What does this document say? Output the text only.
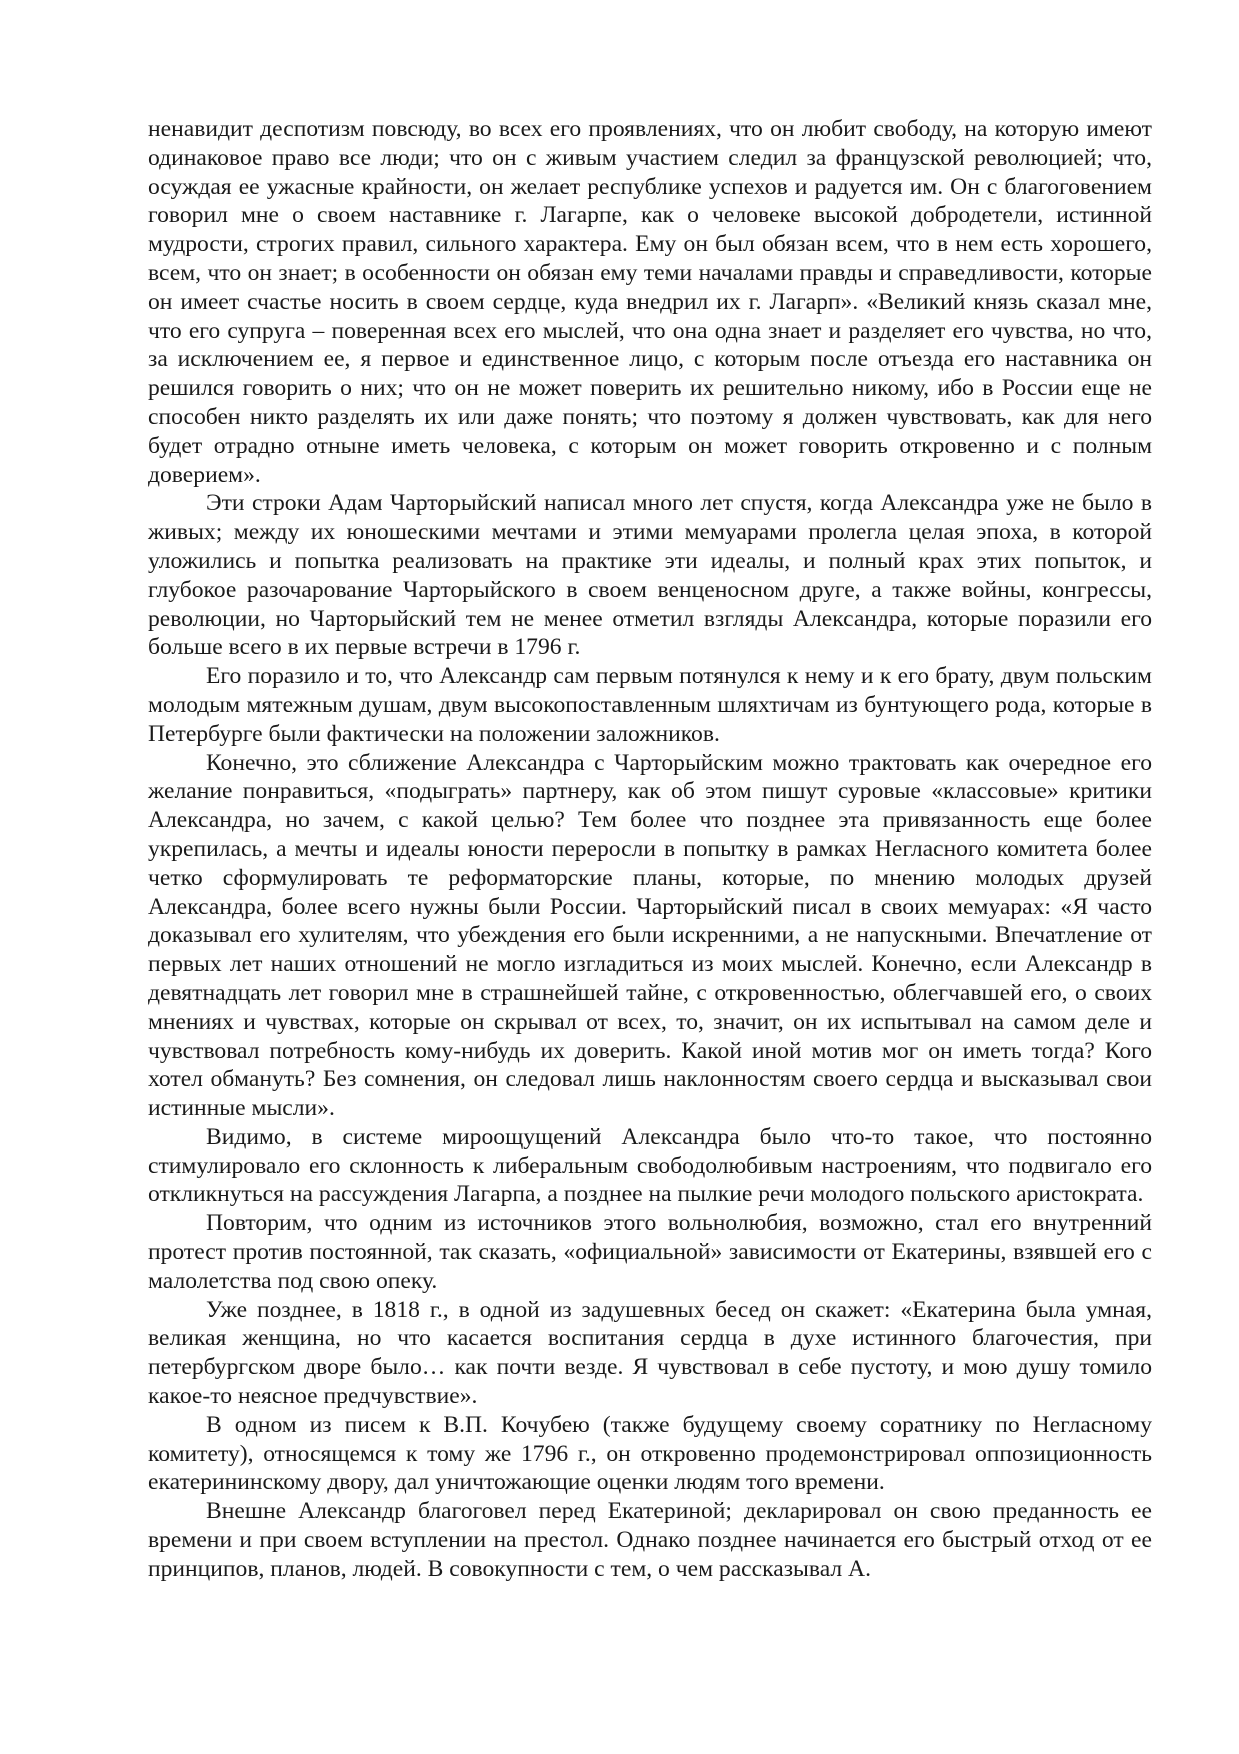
ненавидит деспотизм повсюду, во всех его проявлениях, что он любит свободу, на которую имеют одинаковое право все люди; что он с живым участием следил за французской революцией; что, осуждая ее ужасные крайности, он желает республике успехов и радуется им. Он с благоговением говорил мне о своем наставнике г. Лагарпе, как о человеке высокой добродетели, истинной мудрости, строгих правил, сильного характера. Ему он был обязан всем, что в нем есть хорошего, всем, что он знает; в особенности он обязан ему теми началами правды и справедливости, которые он имеет счастье носить в своем сердце, куда внедрил их г. Лагарп». «Великий князь сказал мне, что его супруга – поверенная всех его мыслей, что она одна знает и разделяет его чувства, но что, за исключением ее, я первое и единственное лицо, с которым после отъезда его наставника он решился говорить о них; что он не может поверить их решительно никому, ибо в России еще не способен никто разделять их или даже понять; что поэтому я должен чувствовать, как для него будет отрадно отныне иметь человека, с которым он может говорить откровенно и с полным доверием».

Эти строки Адам Чарторыйский написал много лет спустя, когда Александра уже не было в живых; между их юношескими мечтами и этими мемуарами пролегла целая эпоха, в которой уложились и попытка реализовать на практике эти идеалы, и полный крах этих попыток, и глубокое разочарование Чарторыйского в своем венценосном друге, а также войны, конгрессы, революции, но Чарторыйский тем не менее отметил взгляды Александра, которые поразили его больше всего в их первые встречи в 1796 г.

Его поразило и то, что Александр сам первым потянулся к нему и к его брату, двум польским молодым мятежным душам, двум высокопоставленным шляхтичам из бунтующего рода, которые в Петербурге были фактически на положении заложников.

Конечно, это сближение Александра с Чарторыйским можно трактовать как очередное его желание понравиться, «подыграть» партнеру, как об этом пишут суровые «классовые» критики Александра, но зачем, с какой целью? Тем более что позднее эта привязанность еще более укрепилась, а мечты и идеалы юности переросли в попытку в рамках Негласного комитета более четко сформулировать те реформаторские планы, которые, по мнению молодых друзей Александра, более всего нужны были России. Чарторыйский писал в своих мемуарах: «Я часто доказывал его хулителям, что убеждения его были искренними, а не напускными. Впечатление от первых лет наших отношений не могло изгладиться из моих мыслей. Конечно, если Александр в девятнадцать лет говорил мне в страшнейшей тайне, с откровенностью, облегчавшей его, о своих мнениях и чувствах, которые он скрывал от всех, то, значит, он их испытывал на самом деле и чувствовал потребность кому-нибудь их доверить. Какой иной мотив мог он иметь тогда? Кого хотел обмануть? Без сомнения, он следовал лишь наклонностям своего сердца и высказывал свои истинные мысли».

Видимо, в системе мироощущений Александра было что-то такое, что постоянно стимулировало его склонность к либеральным свободолюбивым настроениям, что подвигало его откликнуться на рассуждения Лагарпа, а позднее на пылкие речи молодого польского аристократа.

Повторим, что одним из источников этого вольнолюбия, возможно, стал его внутренний протест против постоянной, так сказать, «официальной» зависимости от Екатерины, взявшей его с малолетства под свою опеку.

Уже позднее, в 1818 г., в одной из задушевных бесед он скажет: «Екатерина была умная, великая женщина, но что касается воспитания сердца в духе истинного благочестия, при петербургском дворе было… как почти везде. Я чувствовал в себе пустоту, и мою душу томило какое-то неясное предчувствие».

В одном из писем к В.П. Кочубею (также будущему своему соратнику по Негласному комитету), относящемся к тому же 1796 г., он откровенно продемонстрировал оппозиционность екатерининскому двору, дал уничтожающие оценки людям того времени.

Внешне Александр благоговел перед Екатериной; декларировал он свою преданность ее времени и при своем вступлении на престол. Однако позднее начинается его быстрый отход от ее принципов, планов, людей. В совокупности с тем, о чем рассказывал А.
